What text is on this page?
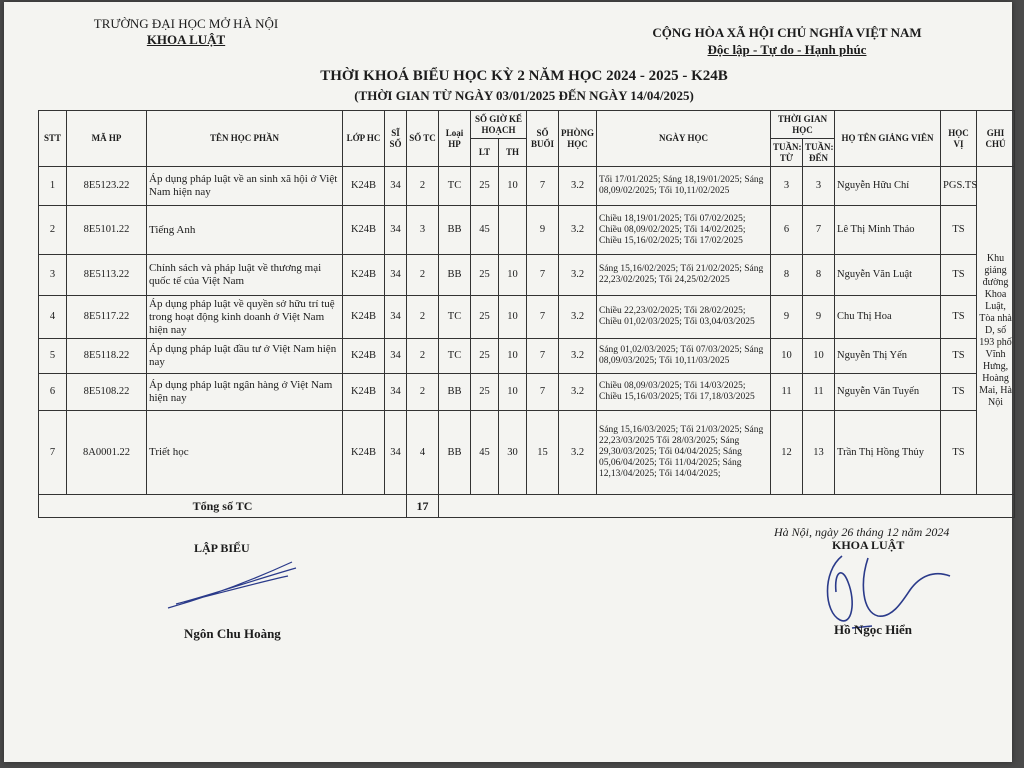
TRƯỜNG ĐẠI HỌC MỞ HÀ NỘI
KHOA LUẬT	CỘNG HÒA XÃ HỘI CHỦ NGHĨA VIỆT NAM
Độc lập - Tự do - Hạnh phúc
THỜI KHOÁ BIỂU HỌC KỲ 2 NĂM HỌC 2024 - 2025 - K24B
(THỜI GIAN TỪ NGÀY 03/01/2025 ĐẾN NGÀY 14/04/2025)
STT	MÃ HP	TÊN HỌC PHẦN	LỚP HC	SĨ SỐ	SỐ TC	Loại HP	SỐ GIỜ KẾ HOẠCH		SỐ BUỔI	PHÒNG HỌC	NGÀY HỌC	THỜI GIAN HỌC		HỌ TÊN GIẢNG VIÊN	HỌC VỊ	GHI CHÚ
							LT	TH				TUẦN: TỪ	TUẦN: ĐẾN			
1	8E5123.22	Áp dụng pháp luật về an sinh xã hội ở Việt Nam hiện nay	K24B	34	2	TC	25	10	7	3.2	Tối 17/01/2025; Sáng 18,19/01/2025; Sáng 08,09/02/2025; Tối 10,11/02/2025	3	3	Nguyễn Hữu Chí	PGS.TS	Khu giảng đường Khoa Luật, Tòa nhà D, số 193 phố Vĩnh Hưng, Hoàng Mai, Hà Nội
2	8E5101.22	Tiếng Anh	K24B	34	3	BB	45		9	3.2	Chiều 18,19/01/2025; Tối 07/02/2025; Chiều 08,09/02/2025; Tối 14/02/2025; Chiều 15,16/02/2025; Tối 17/02/2025	6	7	Lê Thị Minh Thảo	TS	
3	8E5113.22	Chính sách và pháp luật về thương mại quốc tế của Việt Nam	K24B	34	2	BB	25	10	7	3.2	Sáng 15,16/02/2025; Tối 21/02/2025; Sáng 22,23/02/2025; Tối 24,25/02/2025	8	8	Nguyễn Văn Luật	TS	
4	8E5117.22	Áp dụng pháp luật về quyền sở hữu trí tuệ trong hoạt động kinh doanh ở Việt Nam hiện nay	K24B	34	2	TC	25	10	7	3.2	Chiều 22,23/02/2025; Tối 28/02/2025; Chiều 01,02/03/2025; Tối 03,04/03/2025	9	9	Chu Thị Hoa	TS	
5	8E5118.22	Áp dụng pháp luật đầu tư ở Việt Nam hiện nay	K24B	34	2	TC	25	10	7	3.2	Sáng 01,02/03/2025; Tối 07/03/2025; Sáng 08,09/03/2025; Tối 10,11/03/2025	10	10	Nguyễn Thị Yến	TS	
6	8E5108.22	Áp dụng pháp luật ngân hàng ở Việt Nam hiện nay	K24B	34	2	BB	25	10	7	3.2	Chiều 08,09/03/2025; Tối 14/03/2025; Chiều 15,16/03/2025; Tối 17,18/03/2025	11	11	Nguyễn Văn Tuyến	TS	
7	8A0001.22	Triết học	K24B	34	4	BB	45	30	15	3.2	Sáng 15,16/03/2025; Tối 21/03/2025; Sáng 22,23/03/2025 Tối 28/03/2025; Sáng 29,30/03/2025; Tối 04/04/2025; Sáng 05,06/04/2025; Tối 11/04/2025; Sáng 12,13/04/2025; Tối 14/04/2025;	12	13	Trần Thị Hồng Thủy	TS	
Tổng số TC					17											
Hà Nội, ngày 26 tháng 12 năm 2024
LẬP BIỂU	KHOA LUẬT
Ngôn Chu Hoàng	Hồ Ngọc Hiển
